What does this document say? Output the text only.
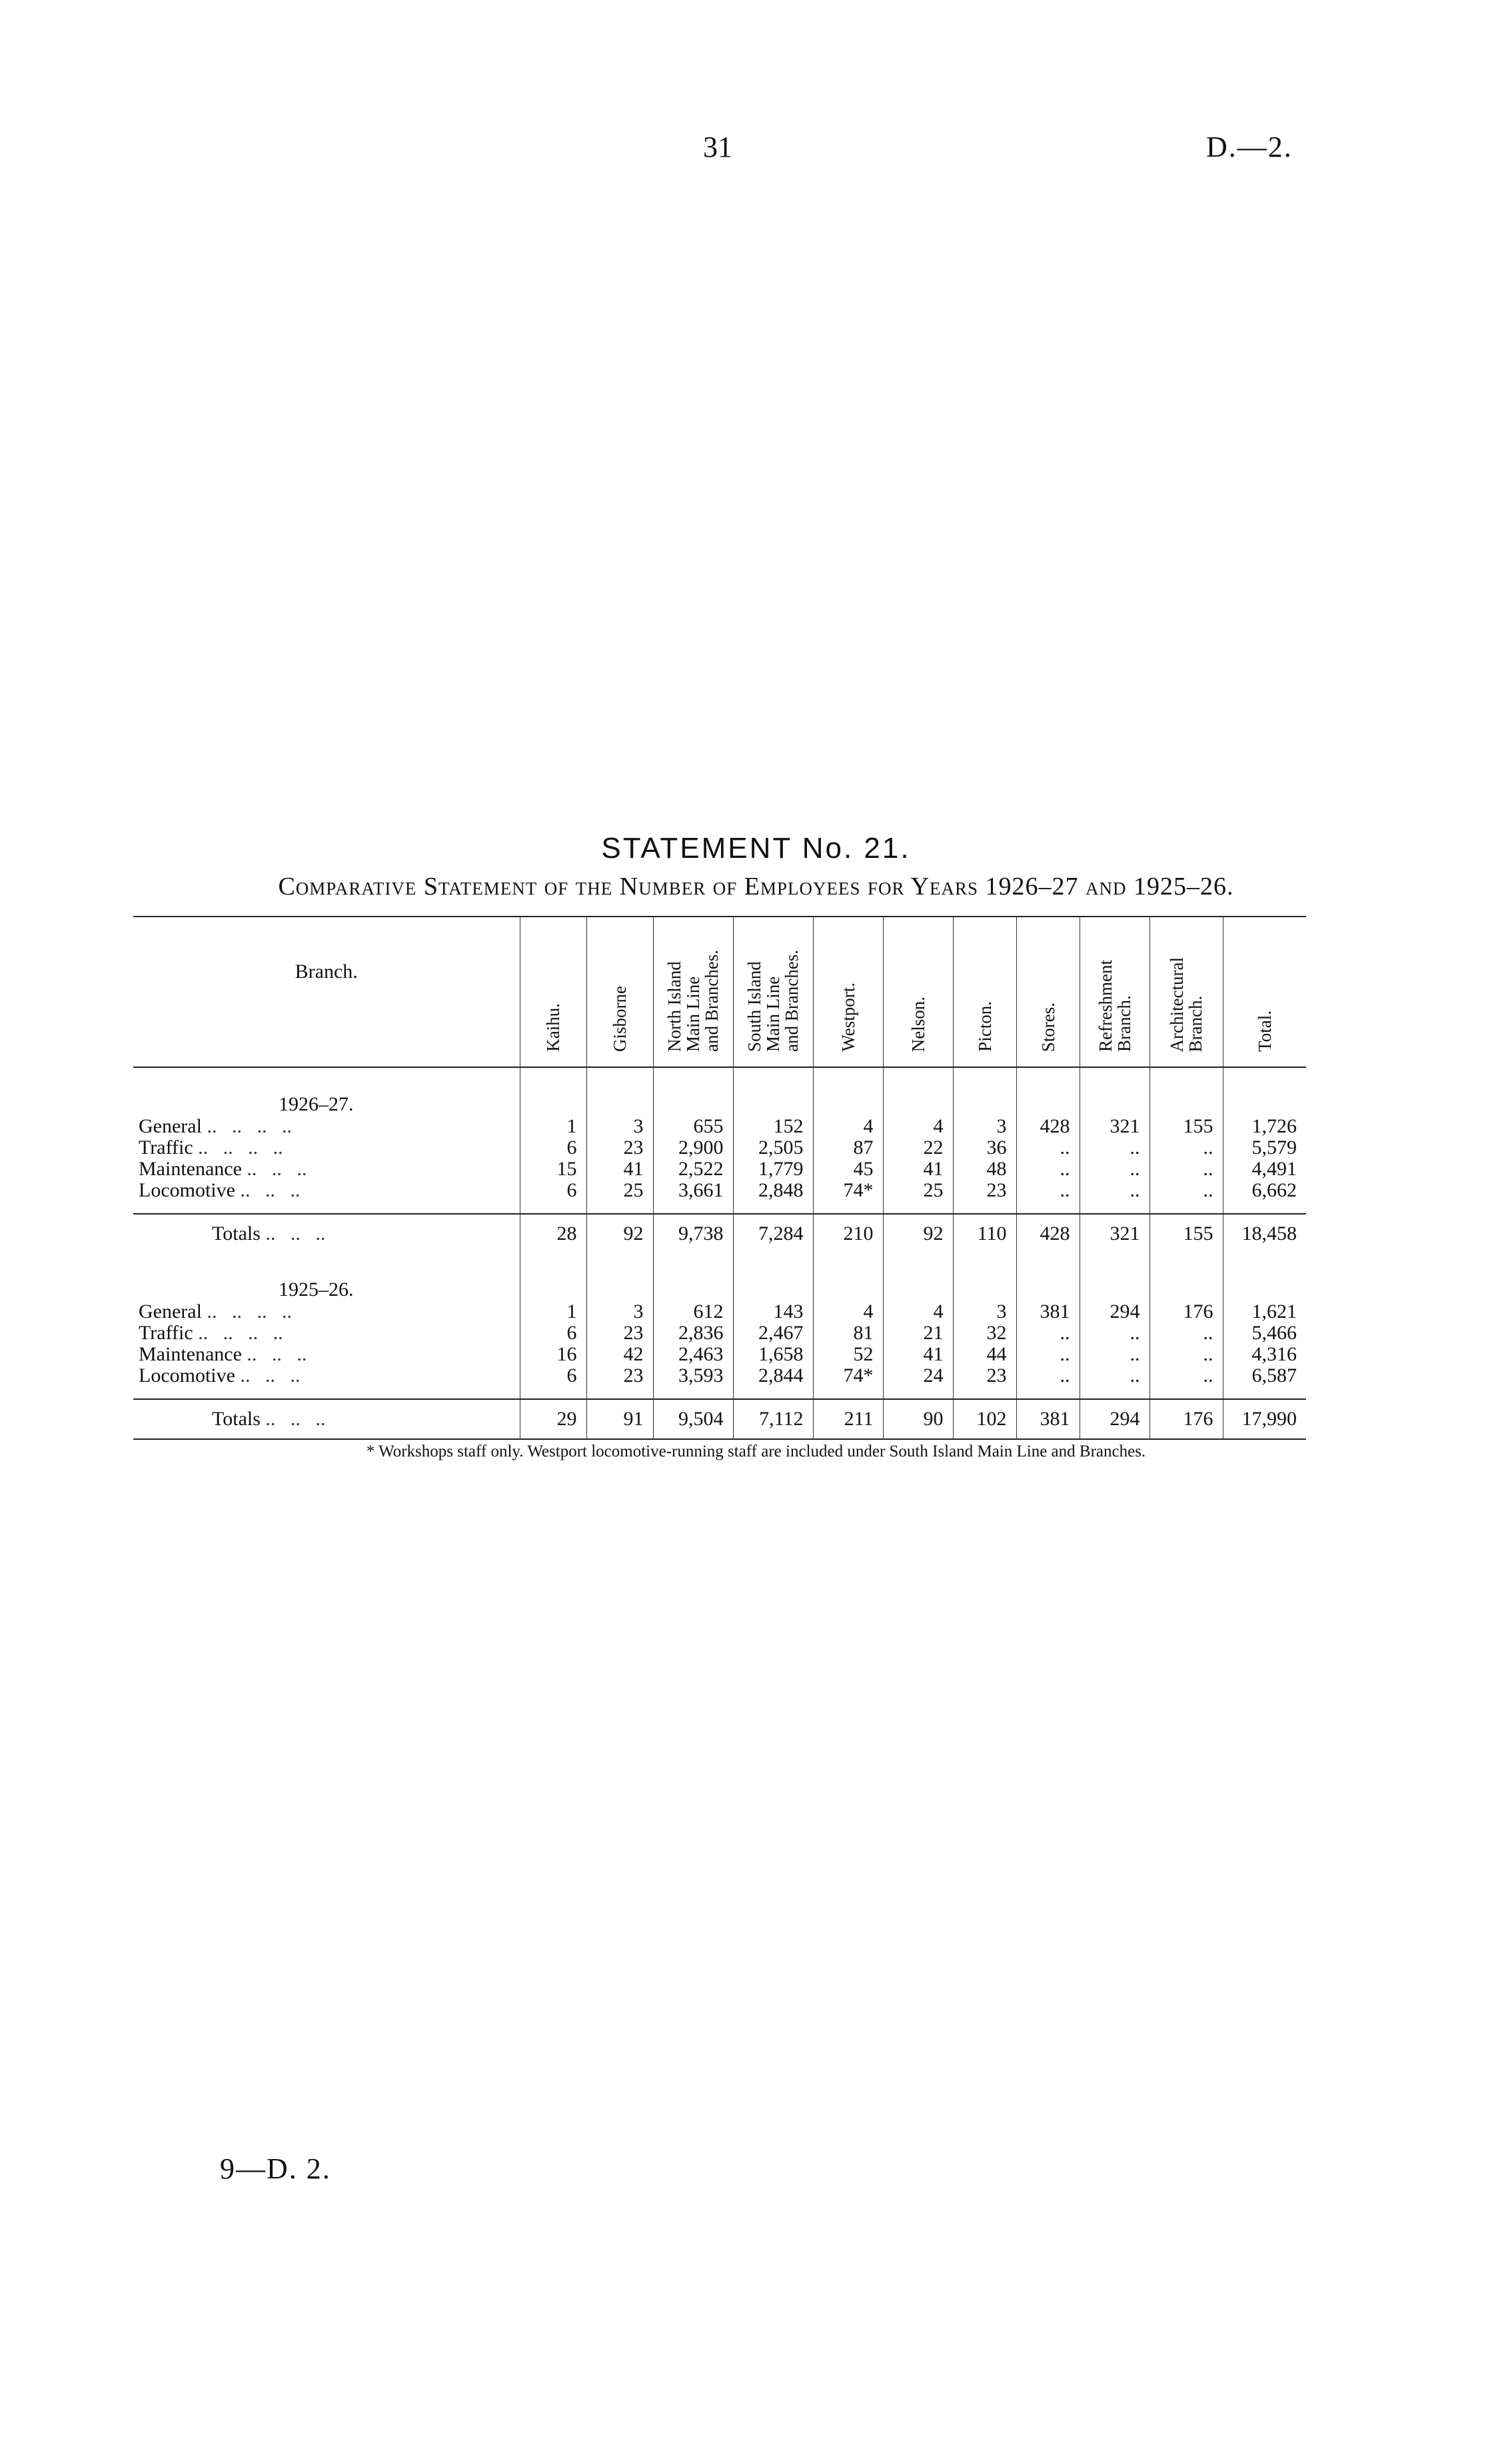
31	D.—2.
STATEMENT No. 21.
Comparative Statement of the Number of Employees for Years 1926–27 and 1925–26.
Branch.	Kaihu.	Gisborne	North Island
Main Line
and Branches.	South Island
Main Line
and Branches.	Westport.	Nelson.	Picton.	Stores.	Refreshment
Branch.	Architectural
Branch.	Total.
1926–27.											
General ..   ..   ..   ..	1	3	655	152	4	4	3	428	321	155	1,726
Traffic ..   ..   ..   ..	6	23	2,900	2,505	87	22	36	..	..	..	5,579
Maintenance ..   ..   ..	15	41	2,522	1,779	45	41	48	..	..	..	4,491
Locomotive ..   ..   ..	6	25	3,661	2,848	74*	25	23	..	..	..	6,662

Totals ..   ..   ..	28	92	9,738	7,284	210	92	110	428	321	155	18,458
1925–26.											
General ..   ..   ..   ..	1	3	612	143	4	4	3	381	294	176	1,621
Traffic ..   ..   ..   ..	6	23	2,836	2,467	81	21	32	..	..	..	5,466
Maintenance ..   ..   ..	16	42	2,463	1,658	52	41	44	..	..	..	4,316
Locomotive ..   ..   ..	6	23	3,593	2,844	74*	24	23	..	..	..	6,587

Totals ..   ..   ..	29	91	9,504	7,112	211	90	102	381	294	176	17,990
* Workshops staff only. Westport locomotive-running staff are included under South Island Main Line and Branches.
9—D. 2.
